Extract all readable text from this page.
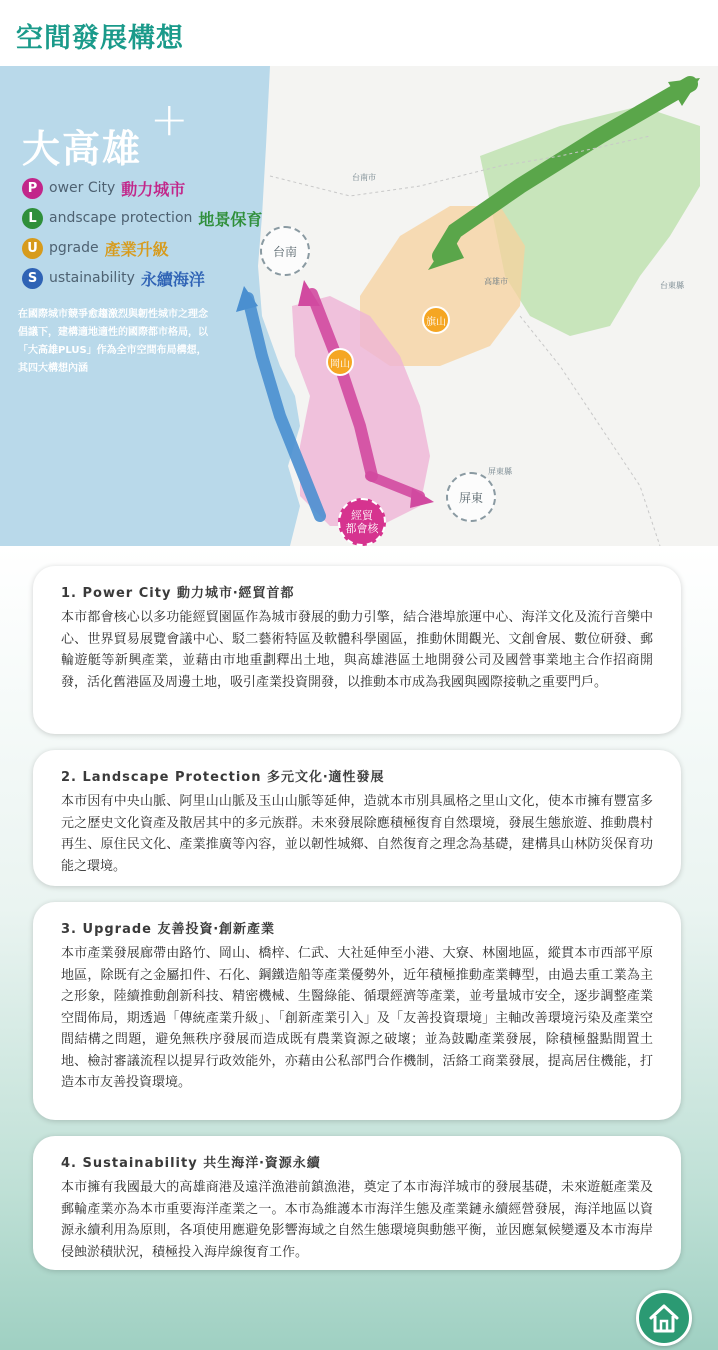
空間發展構想
台南市
高雄市	台東縣
屏東縣
台南
屏東
旗山
岡山
經貿
都會核
大高雄
+
P ower City 動力城市
L andscape protection 地景保育
U pgrade 產業升級
S ustainability 永續海洋
在國際城市競爭愈趨激烈與韌性城市之理念倡議下，建構適地適性的國際都市格局，以「大高雄PLUS」作為全市空間布局構想，其四大構想內涵
1. Power City 動力城市‧經貿首都
本市都會核心以多功能經貿園區作為城市發展的動力引擎，結合港埠旅運中心、海洋文化及流行音樂中心、世界貿易展覽會議中心、駁二藝術特區及軟體科學園區，推動休閒觀光、文創會展、數位研發、郵輪遊艇等新興產業，並藉由市地重劃釋出土地，與高雄港區土地開發公司及國營事業地主合作招商開發，活化舊港區及周邊土地，吸引產業投資開發，以推動本市成為我國與國際接軌之重要門戶。
2. Landscape Protection 多元文化‧適性發展
本市因有中央山脈、阿里山山脈及玉山山脈等延伸，造就本市別具風格之里山文化，使本市擁有豐富多元之歷史文化資產及散居其中的多元族群。未來發展除應積極復育自然環境，發展生態旅遊、推動農村再生、原住民文化、產業推廣等內容，並以韌性城鄉、自然復育之理念為基礎，建構具山林防災保育功能之環境。
3. Upgrade 友善投資‧創新產業
本市產業發展廊帶由路竹、岡山、橋梓、仁武、大社延伸至小港、大寮、林園地區，縱貫本市西部平原地區，除既有之金屬扣件、石化、鋼鐵造船等產業優勢外，近年積極推動產業轉型，由過去重工業為主之形象，陸續推動創新科技、精密機械、生醫綠能、循環經濟等產業，並考量城市安全，逐步調整產業空間佈局，期透過「傳統產業升級」、「創新產業引入」及「友善投資環境」主軸改善環境污染及產業空間結構之問題，避免無秩序發展而造成既有農業資源之破壞；並為鼓勵產業發展，除積極盤點閒置土地、檢討審議流程以提昇行政效能外，亦藉由公私部門合作機制，活絡工商業發展，提高居住機能，打造本市友善投資環境。
4. Sustainability 共生海洋‧資源永續
本市擁有我國最大的高雄商港及遠洋漁港前鎮漁港，奠定了本市海洋城市的發展基礎，未來遊艇產業及郵輪產業亦為本市重要海洋產業之一。本市為維護本市海洋生態及產業鏈永續經營發展，海洋地區以資源永續利用為原則，各項使用應避免影響海域之自然生態環境與動態平衡，並因應氣候變遷及本市海岸侵蝕淤積狀況，積極投入海岸線復育工作。
